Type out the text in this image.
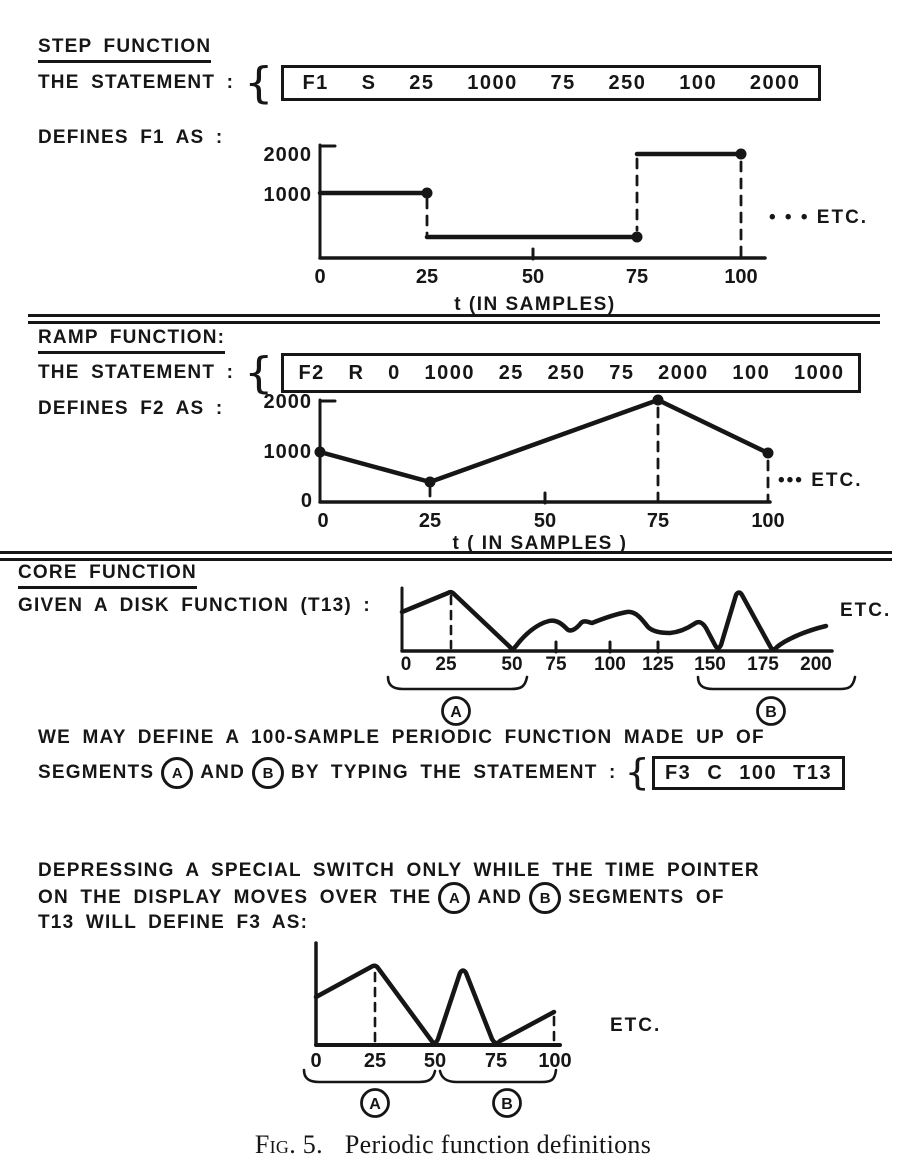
STEP FUNCTION
THE STATEMENT : { F1 S 25 1000 75 250 100 2000
DEFINES F1 AS :
2000
1000
0	25	50	75	100
t (IN SAMPLES)
• • • ETC.
RAMP FUNCTION:
THE STATEMENT : { F2 R 0 1000 25 250 75 2000 100 1000
DEFINES F2 AS : 2000
1000
0
0	25	50	75	100
t ( IN SAMPLES )
••• ETC.
CORE FUNCTION
GIVEN A DISK FUNCTION (T13) :
0 25 50 75 100 125 150 175 200
ETC.
A	B
WE MAY DEFINE A 100-SAMPLE PERIODIC FUNCTION MADE UP OF
SEGMENTS	A AND	B BY TYPING THE STATEMENT : { F3 C 100 T13
DEPRESSING A SPECIAL SWITCH ONLY WHILE THE TIME POINTER
ON THE DISPLAY MOVES OVER THE	A AND	B SEGMENTS OF
T13 WILL DEFINE F3 AS:
0 25 50 75 100
ETC.
A	B
Fig. 5. Periodic function definitions
